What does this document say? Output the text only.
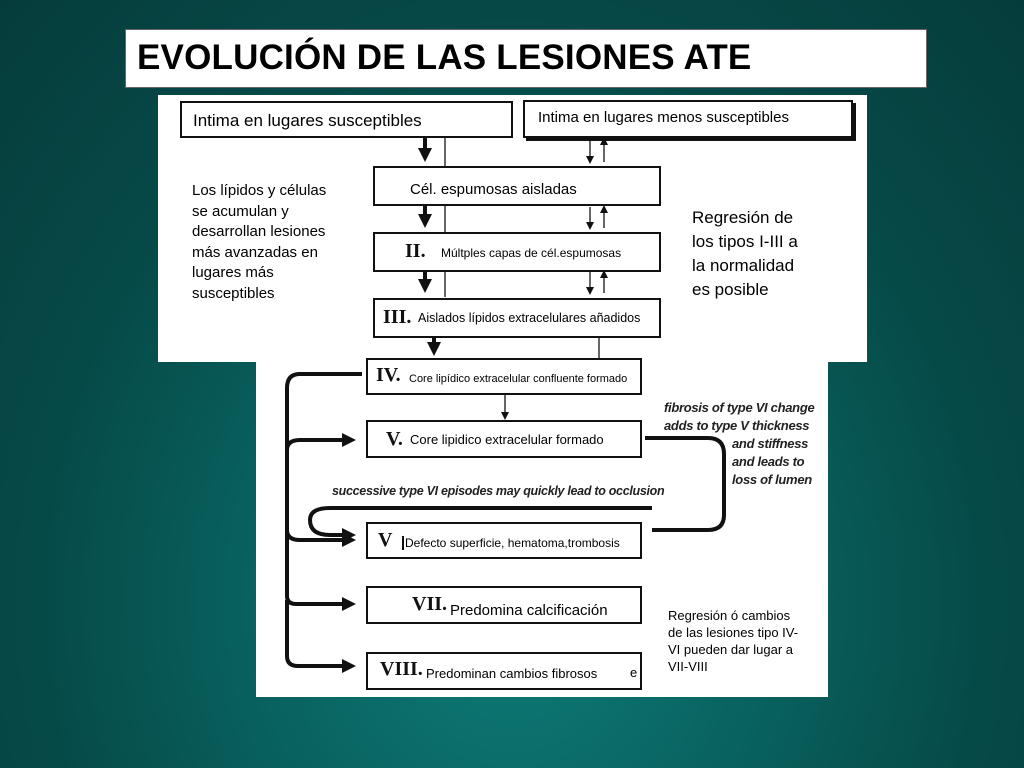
EVOLUCIÓN DE LAS LESIONES ATE
Intima en lugares susceptibles	Intima en lugares menos susceptibles
Cél. espumosas aisladas
II. Múltples capas de cél.espumosas
III. Aislados lípidos extracelulares añadidos
IV. Core lipídico extracelular confluente formado
V. Core lipidico extracelular formado
V Defecto superficie, hematoma,trombosis
VII. Predomina calcificación
VIII. Predominan cambios fibrosos	e
Los lípidos y células
se acumulan y
desarrollan lesiones
más avanzadas en
lugares más
susceptibles
Regresión de
los tipos I-III a
la normalidad
es posible
Regresión ó cambios
de las lesiones tipo IV-
VI pueden dar lugar a
VII-VIII
fibrosis of type VI change
adds to type V thickness
and stiffness
and leads to
loss of lumen
successive type VI episodes may quickly lead to occlusion
